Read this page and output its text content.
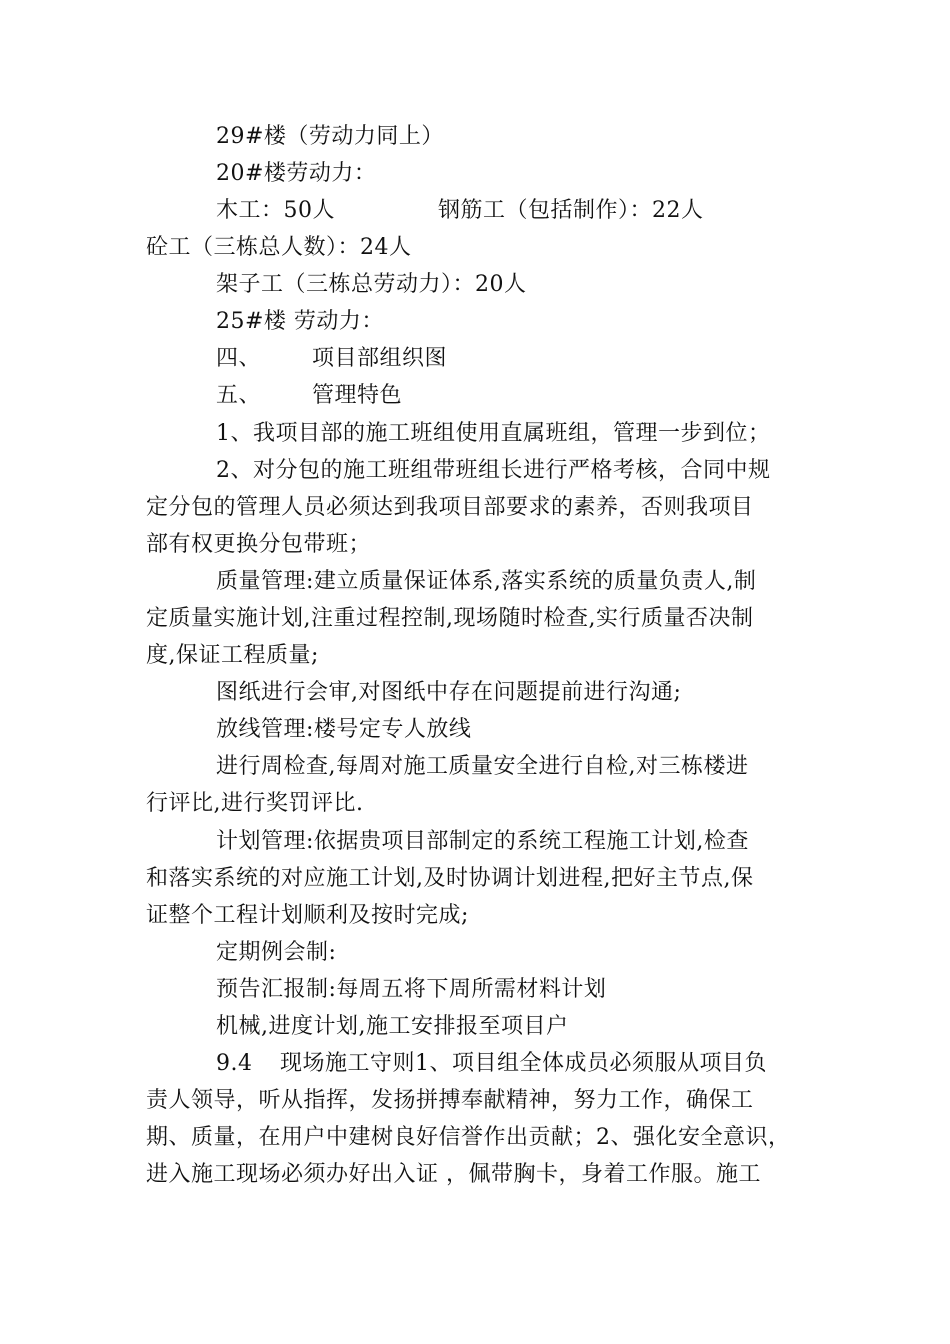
29#楼（劳动力同上）
20#楼劳动力：
木工：50人	钢筋工（包括制作）：22人
砼工（三栋总人数）：24人
架子工（三栋总劳动力）：20人
25#楼 劳动力：
四、 项目部组织图
五、 管理特色
1、我项目部的施工班组使用直属班组，管理一步到位；
2、对分包的施工班组带班组长进行严格考核，合同中规
定分包的管理人员必须达到我项目部要求的素养，否则我项目
部有权更换分包带班；
质量管理:建立质量保证体系,落实系统的质量负责人,制
定质量实施计划,注重过程控制,现场随时检查,实行质量否决制
度,保证工程质量;
图纸进行会审,对图纸中存在问题提前进行沟通;
放线管理:楼号定专人放线
进行周检查,每周对施工质量安全进行自检,对三栋楼进
行评比,进行奖罚评比.
计划管理:依据贵项目部制定的系统工程施工计划,检查
和落实系统的对应施工计划,及时协调计划进程,把好主节点,保
证整个工程计划顺利及按时完成;
定期例会制:
预告汇报制:每周五将下周所需材料计划
机械,进度计划,施工安排报至项目户
9.4 现场施工守则1、项目组全体成员必须服从项目负
责人领导，听从指挥，发扬拼搏奉献精神，努力工作，确保工
期、质量，在用户中建树良好信誉作出贡献；2、强化安全意识，
进入施工现场必须办好出入证 ，佩带胸卡，身着工作服。施工
